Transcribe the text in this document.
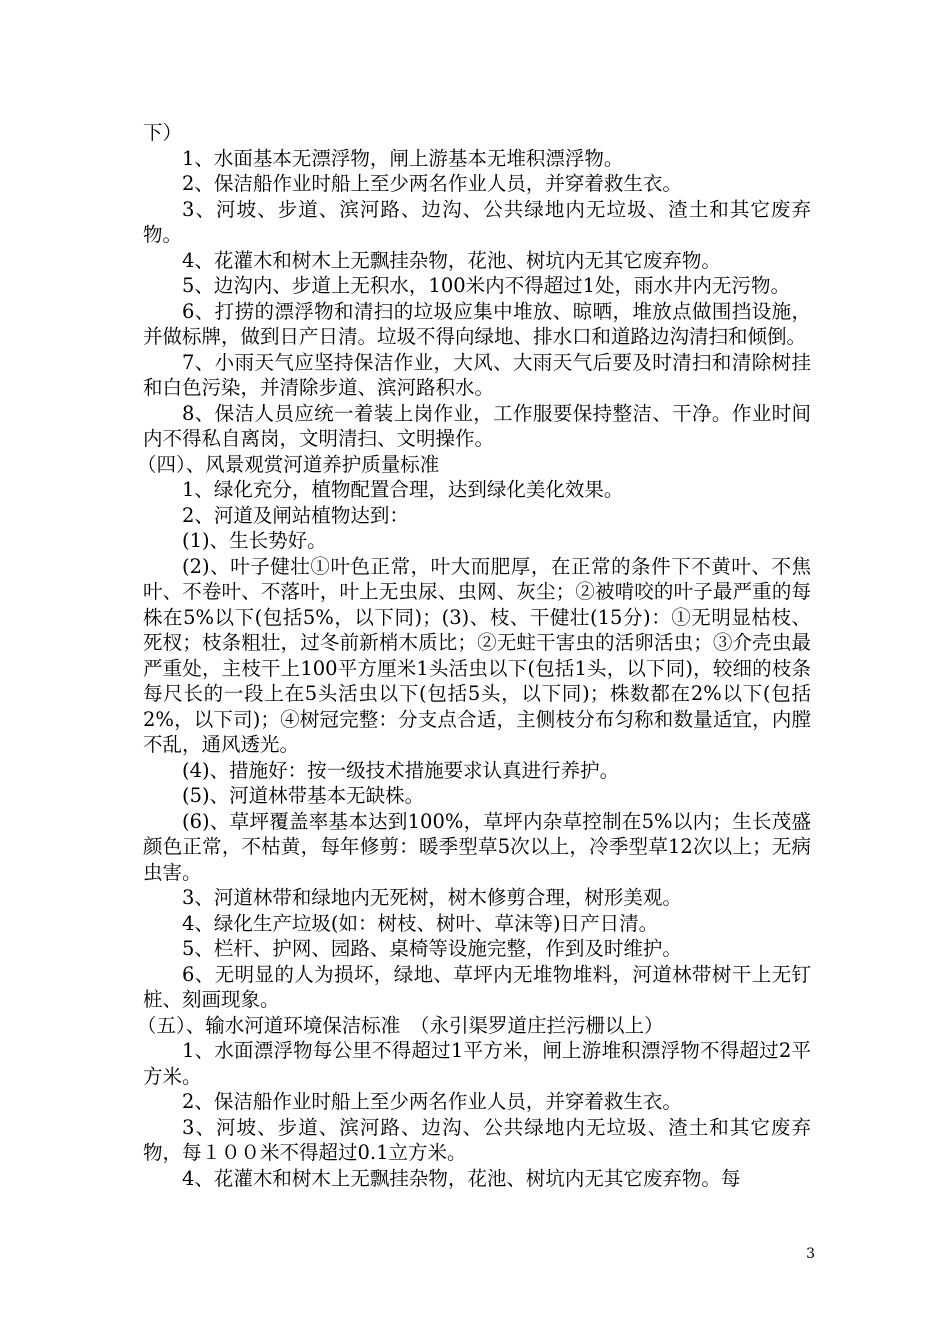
下）

1、水面基本无漂浮物，闸上游基本无堆积漂浮物。

2、保洁船作业时船上至少两名作业人员，并穿着救生衣。

3、河坡、步道、滨河路、边沟、公共绿地内无垃圾、渣土和其它废弃物。

4、花灌木和树木上无飘挂杂物，花池、树坑内无其它废弃物。

5、边沟内、步道上无积水，100米内不得超过1处，雨水井内无污物。

6、打捞的漂浮物和清扫的垃圾应集中堆放、晾晒，堆放点做围挡设施，并做标牌，做到日产日清。垃圾不得向绿地、排水口和道路边沟清扫和倾倒。

7、小雨天气应坚持保洁作业，大风、大雨天气后要及时清扫和清除树挂和白色污染，并清除步道、滨河路积水。

8、保洁人员应统一着装上岗作业，工作服要保持整洁、干净。作业时间内不得私自离岗，文明清扫、文明操作。

（四）、风景观赏河道养护质量标准

1、绿化充分，植物配置合理，达到绿化美化效果。

2、河道及闸站植物达到：

(1)、生长势好。

(2)、叶子健壮①叶色正常，叶大而肥厚，在正常的条件下不黄叶、不焦叶、不卷叶、不落叶，叶上无虫尿、虫网、灰尘；②被啃咬的叶子最严重的每株在5%以下(包括5%，以下同)；(3)、枝、干健壮(15分)：①无明显枯枝、死杈；枝条粗壮，过冬前新梢木质比；②无蛀干害虫的活卵活虫；③介壳虫最严重处，主枝干上100平方厘米1头活虫以下(包括1头，以下同)，较细的枝条每尺长的一段上在5头活虫以下(包括5头，以下同)；株数都在2%以下(包括2%，以下司)；④树冠完整：分支点合适，主侧枝分布匀称和数量适宜，内膛不乱，通风透光。

(4)、措施好：按一级技术措施要求认真进行养护。

(5)、河道林带基本无缺株。

(6)、草坪覆盖率基本达到100%，草坪内杂草控制在5%以内；生长茂盛颜色正常，不枯黄，每年修剪：暖季型草5次以上，冷季型草12次以上；无病虫害。

3、河道林带和绿地内无死树，树木修剪合理，树形美观。

4、绿化生产垃圾(如：树枝、树叶、草沫等)日产日清。

5、栏杆、护网、园路、桌椅等设施完整，作到及时维护。

6、无明显的人为损坏，绿地、草坪内无堆物堆料，河道林带树干上无钉桩、刻画现象。

（五）、输水河道环境保洁标准　（永引渠罗道庄拦污栅以上）

1、水面漂浮物每公里不得超过1平方米，闸上游堆积漂浮物不得超过2平方米。

2、保洁船作业时船上至少两名作业人员，并穿着救生衣。

3、河坡、步道、滨河路、边沟、公共绿地内无垃圾、渣土和其它废弃物，每１００米不得超过0.1立方米。

4、花灌木和树木上无飘挂杂物，花池、树坑内无其它废弃物。每

3
